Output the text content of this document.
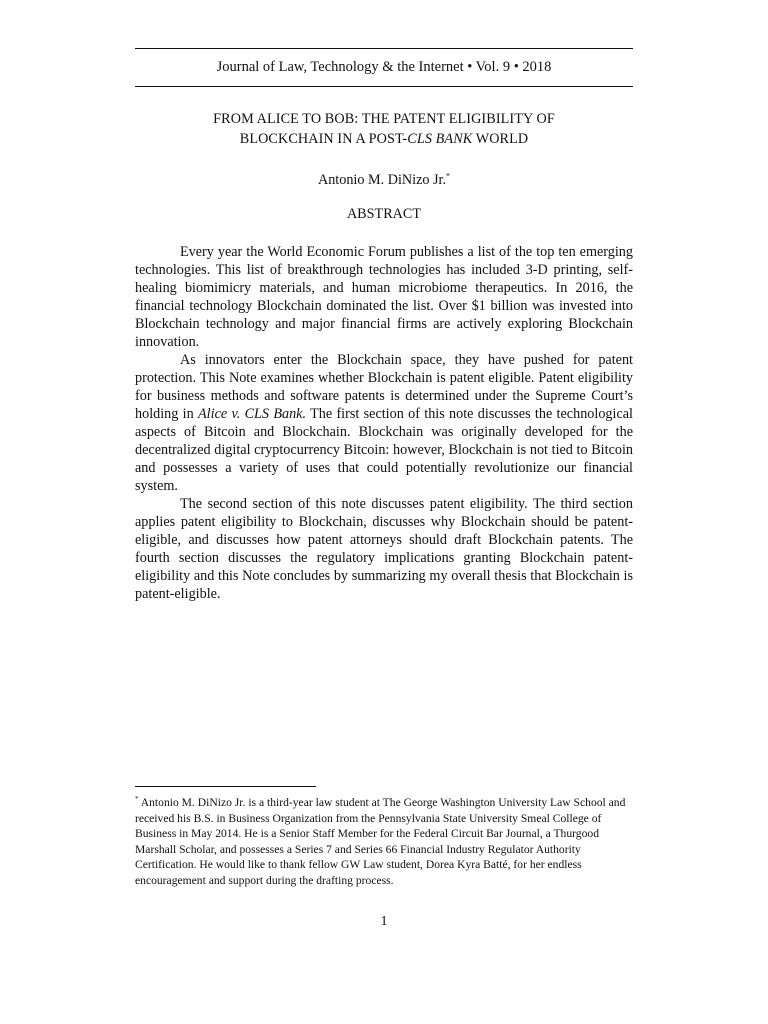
Journal of Law, Technology & the Internet • Vol. 9 • 2018
FROM ALICE TO BOB: THE PATENT ELIGIBILITY OF
BLOCKCHAIN IN A POST-CLS BANK WORLD
Antonio M. DiNizo Jr.*
ABSTRACT

Every year the World Economic Forum publishes a list of the top ten emerging technologies. This list of breakthrough technologies has included 3-D printing, self-healing biomimicry materials, and human microbiome therapeutics. In 2016, the financial technology Blockchain dominated the list. Over $1 billion was invested into Blockchain technology and major financial firms are actively exploring Blockchain innovation.

As innovators enter the Blockchain space, they have pushed for patent protection. This Note examines whether Blockchain is patent eligible. Patent eligibility for business methods and software patents is determined under the Supreme Court’s holding in Alice v. CLS Bank. The first section of this note discusses the technological aspects of Bitcoin and Blockchain. Blockchain was originally developed for the decentralized digital cryptocurrency Bitcoin: however, Blockchain is not tied to Bitcoin and possesses a variety of uses that could potentially revolutionize our financial system.

The second section of this note discusses patent eligibility. The third section applies patent eligibility to Blockchain, discusses why Blockchain should be patent-eligible, and discusses how patent attorneys should draft Blockchain patents. The fourth section discusses the regulatory implications granting Blockchain patent-eligibility and this Note concludes by summarizing my overall thesis that Blockchain is patent-eligible.

* Antonio M. DiNizo Jr. is a third-year law student at The George Washington University Law School and received his B.S. in Business Organization from the Pennsylvania State University Smeal College of Business in May 2014. He is a Senior Staff Member for the Federal Circuit Bar Journal, a Thurgood Marshall Scholar, and possesses a Series 7 and Series 66 Financial Industry Regulator Authority Certification. He would like to thank fellow GW Law student, Dorea Kyra Batté, for her endless encouragement and support during the drafting process.
1
